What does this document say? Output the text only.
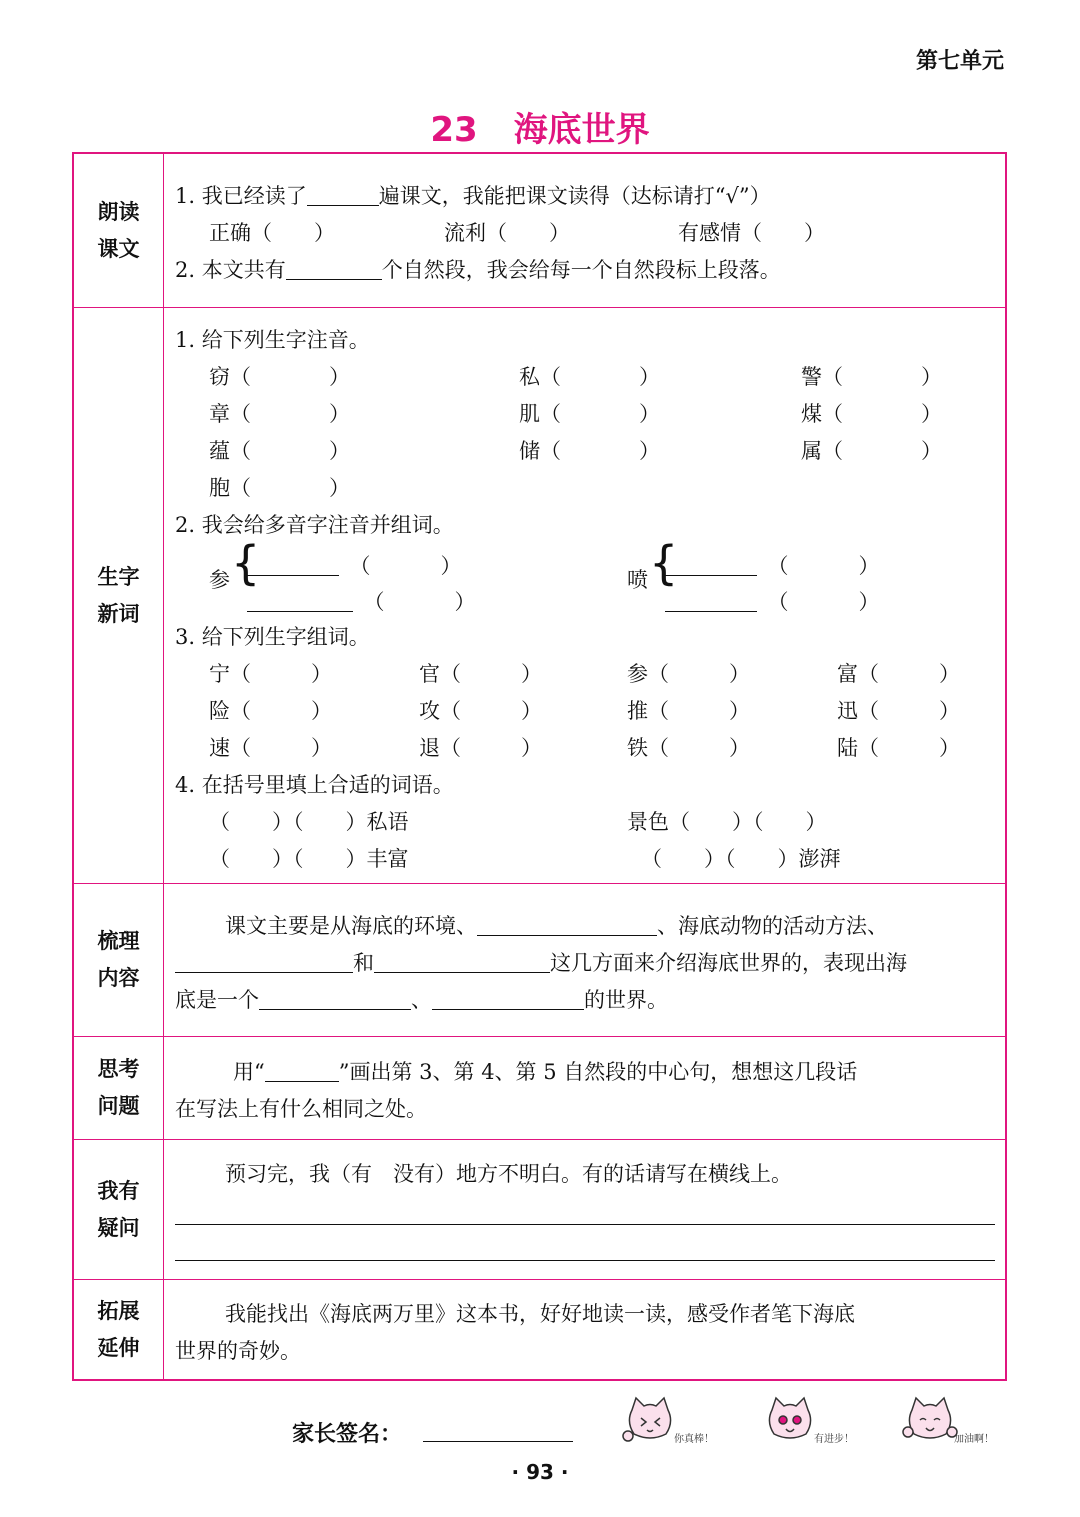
第七单元
23 海底世界
朗读
课文
1. 我已经读了	遍课文，我能把课文读得（达标请打“√”）
正确（　　）	流利（　　）	有感情（　　）
2. 本文共有	个自然段，我会给每一个自然段标上段落。
生字
新词
1. 给下列生字注音。
窃（	）	私（	）	警（	）
章（	）	肌（	）	煤（	）
蕴（	）	储（	）	属（	）
胞（	）
2. 我会给多音字注音并组词。
参 {	　（	）
　（	）
喷 {	　（	）
　（	）
3. 给下列生字组词。
宁（	）	官（	）	参（	）	富（	）
险（	）	攻（	）	推（	）	迅（	）
速（	）	退（	）	铁（	）	陆（	）
4. 在括号里填上合适的词语。
（　　）（　　）私语	景色（　　）（　　）
（　　）（　　）丰富	（　　）（　　）澎湃
梳理
内容
课文主要是从海底的环境、	、海底动物的活动方法、
和	这几方面来介绍海底世界的，表现出海
底是一个	、	的世界。
思考
问题
用“	”画出第 3、第 4、第 5 自然段的中心句，想想这几段话
在写法上有什么相同之处。
我有
疑问
预习完，我（有　没有）地方不明白。有的话请写在横线上。
拓展
延伸
我能找出《海底两万里》这本书，好好地读一读，感受作者笔下海底
世界的奇妙。
家长签名：	你真棒！	有进步！	加油啊！
· 93 ·
